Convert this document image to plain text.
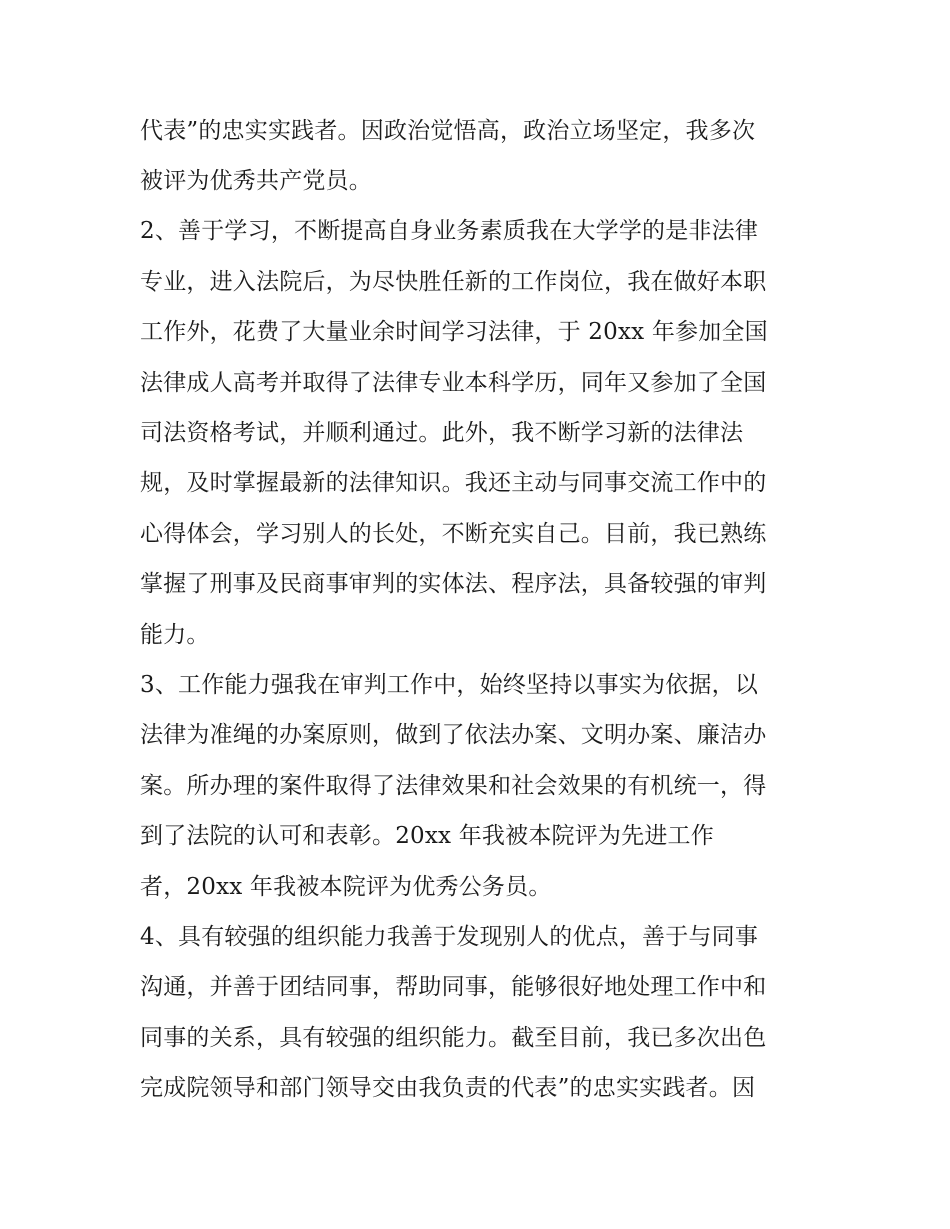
代表”的忠实实践者。因政治觉悟高，政治立场坚定，我多次
被评为优秀共产党员。
2、善于学习，不断提高自身业务素质我在大学学的是非法律
专业，进入法院后，为尽快胜任新的工作岗位，我在做好本职
工作外，花费了大量业余时间学习法律，于 20xx 年参加全国
法律成人高考并取得了法律专业本科学历，同年又参加了全国
司法资格考试，并顺利通过。此外，我不断学习新的法律法
规，及时掌握最新的法律知识。我还主动与同事交流工作中的
心得体会，学习别人的长处，不断充实自己。目前，我已熟练
掌握了刑事及民商事审判的实体法、程序法，具备较强的审判
能力。
3、工作能力强我在审判工作中，始终坚持以事实为依据，以
法律为准绳的办案原则，做到了依法办案、文明办案、廉洁办
案。所办理的案件取得了法律效果和社会效果的有机统一，得
到了法院的认可和表彰。20xx 年我被本院评为先进工作
者，20xx 年我被本院评为优秀公务员。
4、具有较强的组织能力我善于发现别人的优点，善于与同事
沟通，并善于团结同事，帮助同事，能够很好地处理工作中和
同事的关系，具有较强的组织能力。截至目前，我已多次出色
完成院领导和部门领导交由我负责的代表”的忠实实践者。因
